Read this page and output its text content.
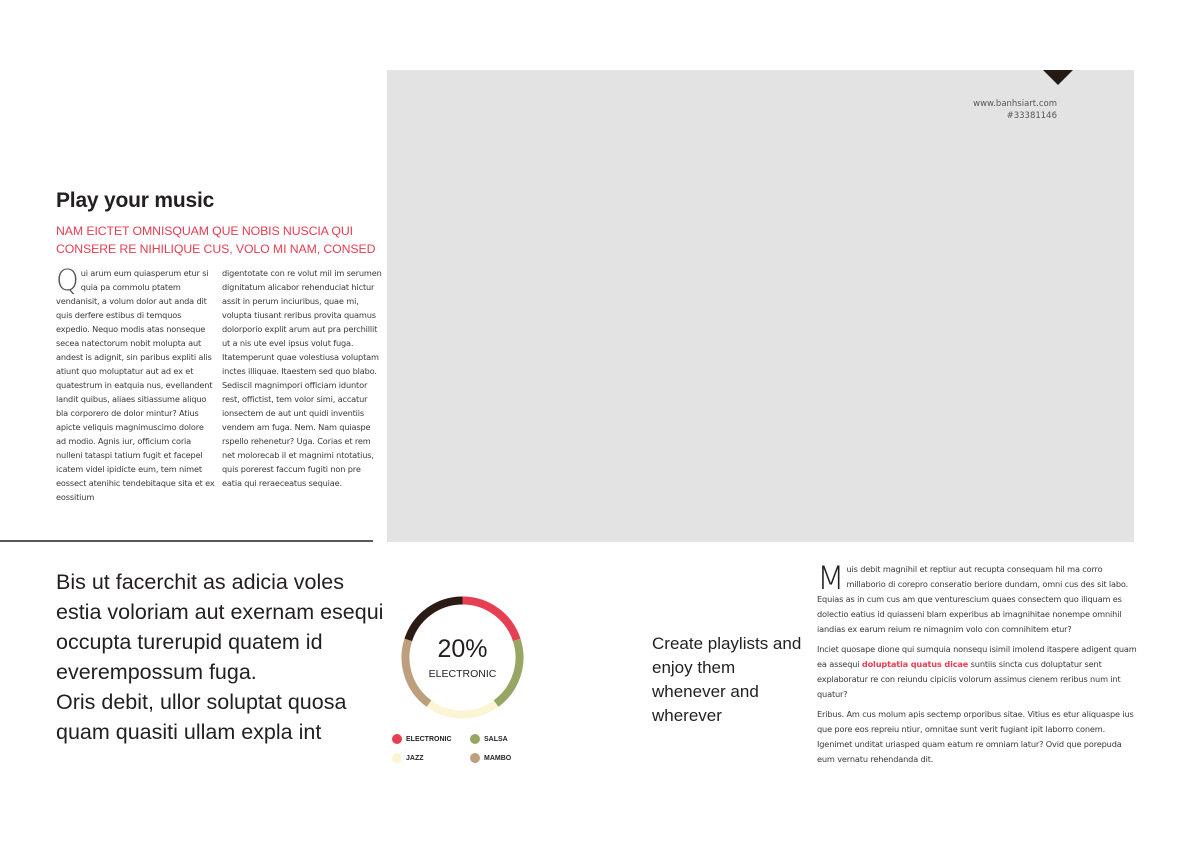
www.banhsiart.com
#33381146
Play your music
NAM EICTET OMNISQUAM QUE NOBIS NUSCIA QUI CONSERE RE NIHILIQUE CUS, VOLO MI NAM, CONSED
Q ui arum eum quiasperum etur si quia pa commolu ptatem vendanisit, a volum dolor aut anda dit quis derfere estibus di temquos expedio. Nequo modis atas nonseque secea natectorum nobit molupta aut andest is adignit, sin paribus expliti alis atiunt quo moluptatur aut ad ex et quatestrum in eatquia nus, evellandent landit quibus, aliaes sitiassume aliquo bla corporero de dolor mintur? Atius apicte veliquis magnimuscimo dolore ad modio. Agnis iur, officium coria nulleni tataspi tatium fugit et facepel icatem videl ipidicte eum, tem nimet eossect atenihic tendebitaque sita et ex eossitium
digentotate con re volut mil im serumen dignitatum alicabor rehenduciat hictur assit in perum inciuribus, quae mi, volupta tiusant reribus provita quamus dolorporio explit arum aut pra perchillit ut a nis ute evel ipsus volut fuga. Itatemperunt quae volestiusa voluptam inctes illiquae. Itaestem sed quo blabo. Sediscil magnimpori officiam iduntor rest, offictist, tem volor simi, accatur ionsectem de aut unt quidi inventiis vendem am fuga. Nem. Nam quiaspe rspello rehenetur? Uga. Corias et rem net molorecab il et magnimi ntotatius, quis porerest faccum fugiti non pre eatia qui reraeceatus sequiae.
Bis ut facerchit as adicia voles estia voloriam aut exernam esequi occupta turerupid quatem id everempossum fuga.
Oris debit, ullor soluptat quosa quam quasiti ullam expla int
20%
ELECTRONIC
ELECTRONIC	SALSA
JAZZ	MAMBO
Create playlists and enjoy them whenever and wherever

M uis debit magnihil et reptiur aut recupta consequam hil ma corro millaborio di corepro conseratio beriore dundam, omni cus des sit labo. Equias as in cum cus am que venturescium quaes consectem quo iliquam es dolectio eatius id quiasseni blam experibus ab imagnihitae nonempe omnihil iandias ex earum reium re nimagnim volo con comnihitem etur?

Inciet quosape dione qui sumquia nonsequ isimil imolend itaspere adigent quam ea assequi doluptatia quatus dicae suntiis sincta cus doluptatur sent explaboratur re con reiundu cipiciis volorum assimus cienem reribus num int quatur?

Eribus. Am cus molum apis sectemp orporibus sitae. Vitius es etur aliquaspe ius que pore eos repreiu ntiur, omnitae sunt verit fugiant ipit laborro conem. Igenimet unditat uriasped quam eatum re omniam latur? Ovid que porepuda eum vernatu rehendanda dit.
